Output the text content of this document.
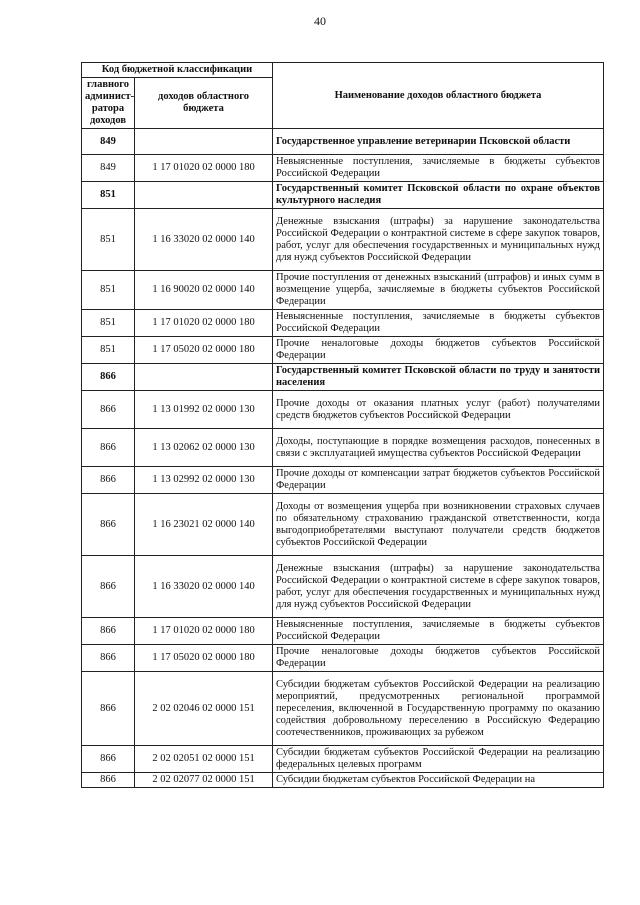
40
Код бюджетной классификации		Наименование доходов областного бюджета
главного админист-ратора доходов	доходов областного бюджета	
849		Государственное управление ветеринарии Псковской области
849	1 17 01020 02 0000 180	Невыясненные поступления, зачисляемые в бюджеты субъектов Российской Федерации
851		Государственный комитет Псковской области по охране объектов культурного наследия
851	1 16 33020 02 0000 140	Денежные взыскания (штрафы) за нарушение законодательства Российской Федерации о контрактной системе в сфере закупок товаров, работ, услуг для обеспечения государственных и муниципальных нужд для нужд субъектов Российской Федерации
851	1 16 90020 02 0000 140	Прочие поступления от денежных взысканий (штрафов) и иных сумм в возмещение ущерба, зачисляемые в бюджеты субъектов Российской Федерации
851	1 17 01020 02 0000 180	Невыясненные поступления, зачисляемые в бюджеты субъектов Российской Федерации
851	1 17 05020 02 0000 180	Прочие неналоговые доходы бюджетов субъектов Российской Федерации
866		Государственный комитет Псковской области по труду и занятости населения
866	1 13 01992 02 0000 130	Прочие доходы от оказания платных услуг (работ) получателями средств бюджетов субъектов Российской Федерации
866	1 13 02062 02 0000 130	Доходы, поступающие в порядке возмещения расходов, понесенных в связи с эксплуатацией имущества субъектов Российской Федерации
866	1 13 02992 02 0000 130	Прочие доходы от компенсации затрат бюджетов субъектов Российской Федерации
866	1 16 23021 02 0000 140	Доходы от возмещения ущерба при возникновении страховых случаев по обязательному страхованию гражданской ответственности, когда выгодоприобретателями выступают получатели средств бюджетов субъектов Российской Федерации
866	1 16 33020 02 0000 140	Денежные взыскания (штрафы) за нарушение законодательства Российской Федерации о контрактной системе в сфере закупок товаров, работ, услуг для обеспечения государственных и муниципальных нужд для нужд субъектов Российской Федерации
866	1 17 01020 02 0000 180	Невыясненные поступления, зачисляемые в бюджеты субъектов Российской Федерации
866	1 17 05020 02 0000 180	Прочие неналоговые доходы бюджетов субъектов Российской Федерации
866	2 02 02046 02 0000 151	Субсидии бюджетам субъектов Российской Федерации на реализацию мероприятий, предусмотренных региональной программой переселения, включенной в Государственную программу по оказанию содействия добровольному переселению в Российскую Федерацию соотечественников, проживающих за рубежом
866	2 02 02051 02 0000 151	Субсидии бюджетам субъектов Российской Федерации на реализацию федеральных целевых программ
866	2 02 02077 02 0000 151	Субсидии бюджетам субъектов Российской Федерации на
